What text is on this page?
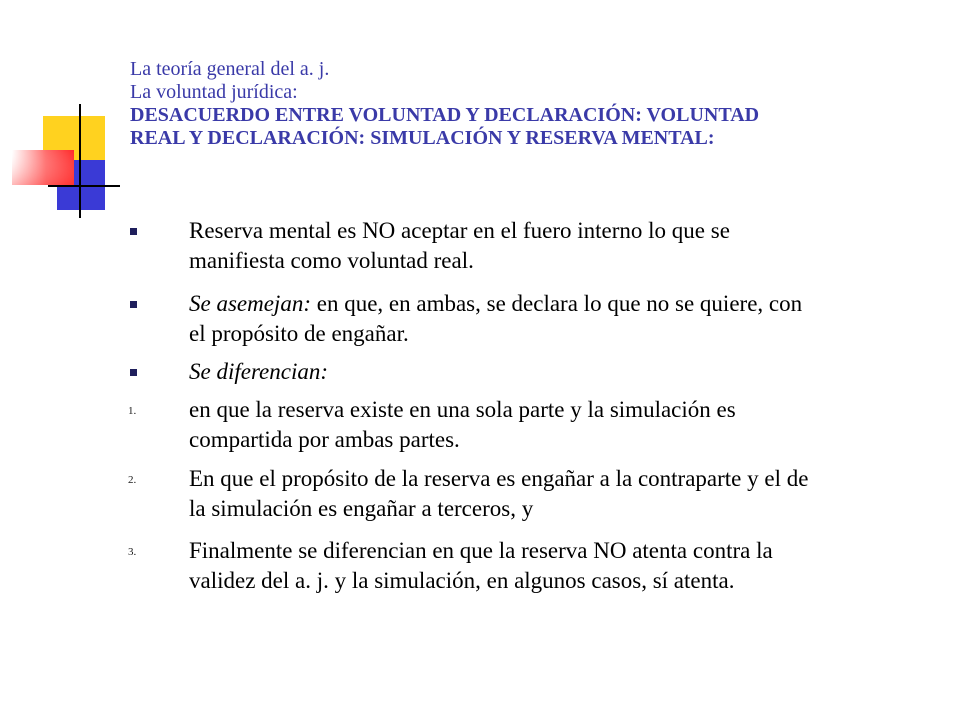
La teoría general del a. j.
La voluntad jurídica:
DESACUERDO ENTRE VOLUNTAD Y DECLARACIÓN: VOLUNTAD
REAL Y DECLARACIÓN: SIMULACIÓN Y RESERVA MENTAL:
Reserva mental es NO aceptar en el fuero interno lo que se
manifiesta como voluntad real.
Se asemejan: en que, en ambas, se declara lo que no se quiere, con
el propósito de engañar.
Se diferencian:
1. en que la reserva existe en una sola parte y la simulación es
compartida por ambas partes.
2. En que el propósito de la reserva es engañar a la contraparte y el de
la simulación es engañar a terceros, y
3. Finalmente se diferencian en que la reserva NO atenta contra la
validez del a. j. y la simulación, en algunos casos, sí atenta.
